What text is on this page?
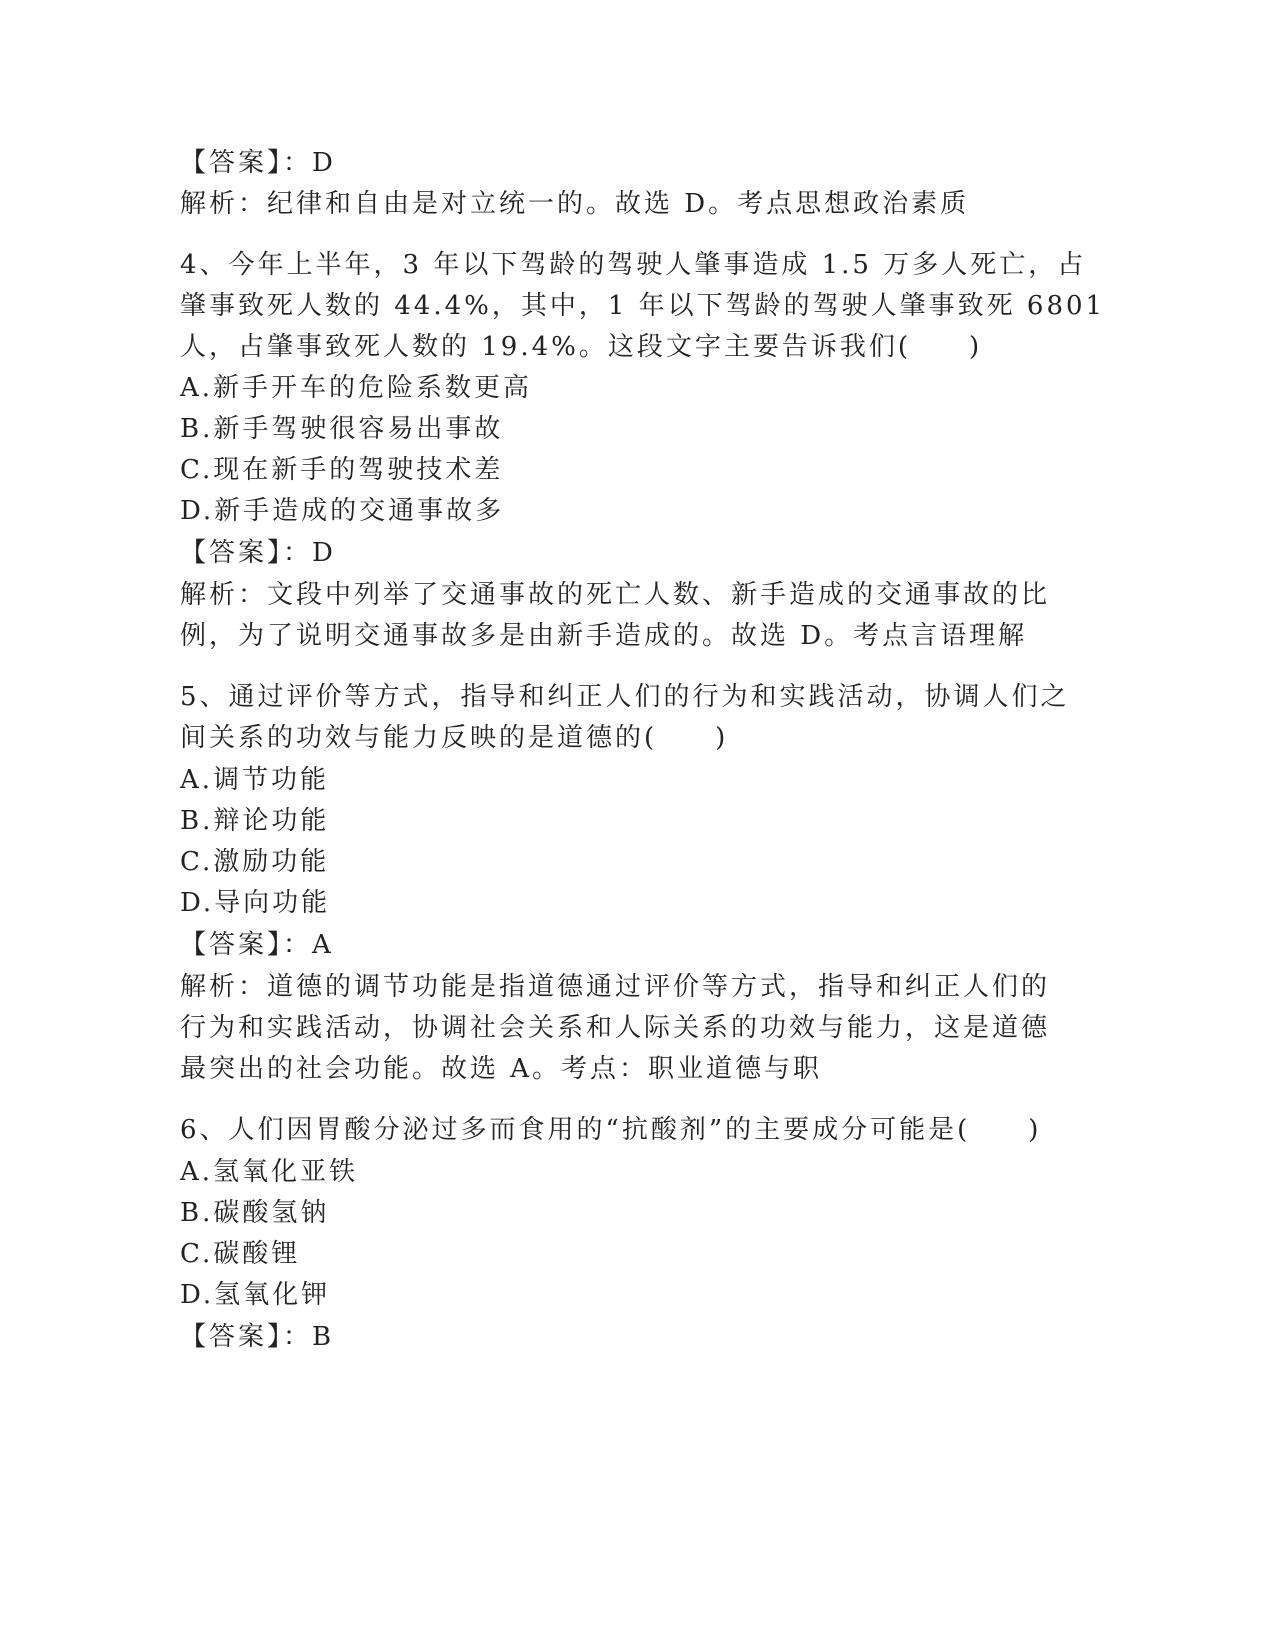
【答案】：D
解析：纪律和自由是对立统一的。故选 D。考点思想政治素质
4、今年上半年，3 年以下驾龄的驾驶人肇事造成 1.5 万多人死亡，占
肇事致死人数的 44.4%，其中，1 年以下驾龄的驾驶人肇事致死 6801
人，占肇事致死人数的 19.4%。这段文字主要告诉我们(　　)
A.新手开车的危险系数更高
B.新手驾驶很容易出事故
C.现在新手的驾驶技术差
D.新手造成的交通事故多
【答案】：D
解析：文段中列举了交通事故的死亡人数、新手造成的交通事故的比
例，为了说明交通事故多是由新手造成的。故选 D。考点言语理解
5、通过评价等方式，指导和纠正人们的行为和实践活动，协调人们之
间关系的功效与能力反映的是道德的(　　)
A.调节功能
B.辩论功能
C.激励功能
D.导向功能
【答案】：A
解析：道德的调节功能是指道德通过评价等方式，指导和纠正人们的
行为和实践活动，协调社会关系和人际关系的功效与能力，这是道德
最突出的社会功能。故选 A。考点：职业道德与职
6、人们因胃酸分泌过多而食用的“抗酸剂”的主要成分可能是(　　)
A.氢氧化亚铁
B.碳酸氢钠
C.碳酸锂
D.氢氧化钾
【答案】：B
